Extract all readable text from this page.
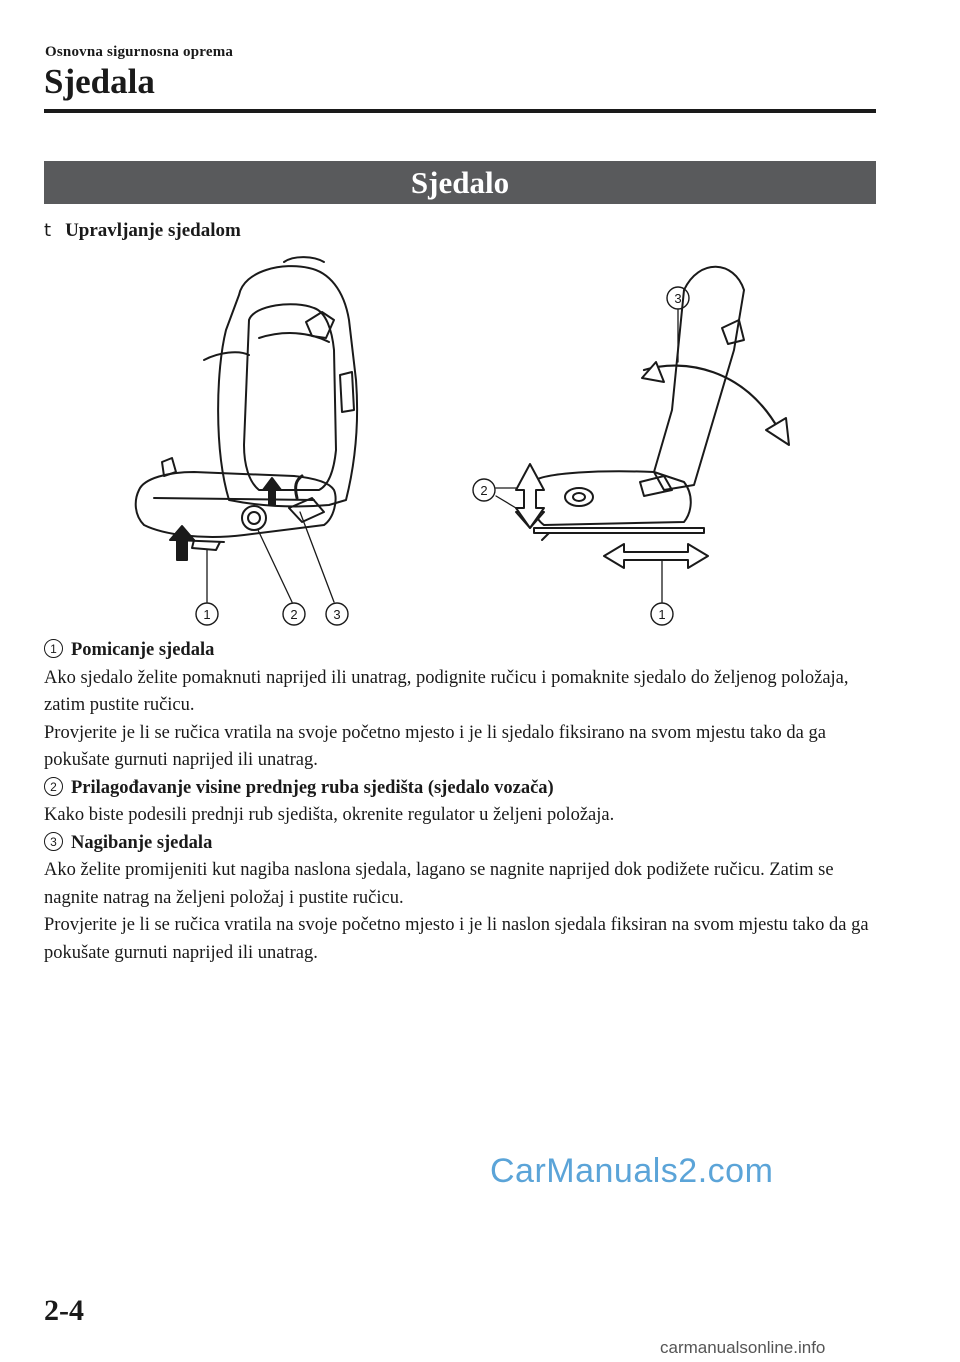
Osnovna sigurnosna oprema
Sjedala
Sjedalo
t Upravljanje sjedalom
1	2	3	1
2
3

1 Pomicanje sjedala

Ako sjedalo želite pomaknuti naprijed ili unatrag, podignite ručicu i pomaknite sjedalo do željenog položaja, zatim pustite ručicu.

Provjerite je li se ručica vratila na svoje početno mjesto i je li sjedalo fiksirano na svom mjestu tako da ga pokušate gurnuti naprijed ili unatrag.

2 Prilagođavanje visine prednjeg ruba sjedišta (sjedalo vozača)

Kako biste podesili prednji rub sjedišta, okrenite regulator u željeni položaja.

3 Nagibanje sjedala

Ako želite promijeniti kut nagiba naslona sjedala, lagano se nagnite naprijed dok podižete ručicu. Zatim se nagnite natrag na željeni položaj i pustite ručicu.

Provjerite je li se ručica vratila na svoje početno mjesto i je li naslon sjedala fiksiran na svom mjestu tako da ga pokušate gurnuti naprijed ili unatrag.

CarManuals2.com
2-4
carmanualsonline.info
